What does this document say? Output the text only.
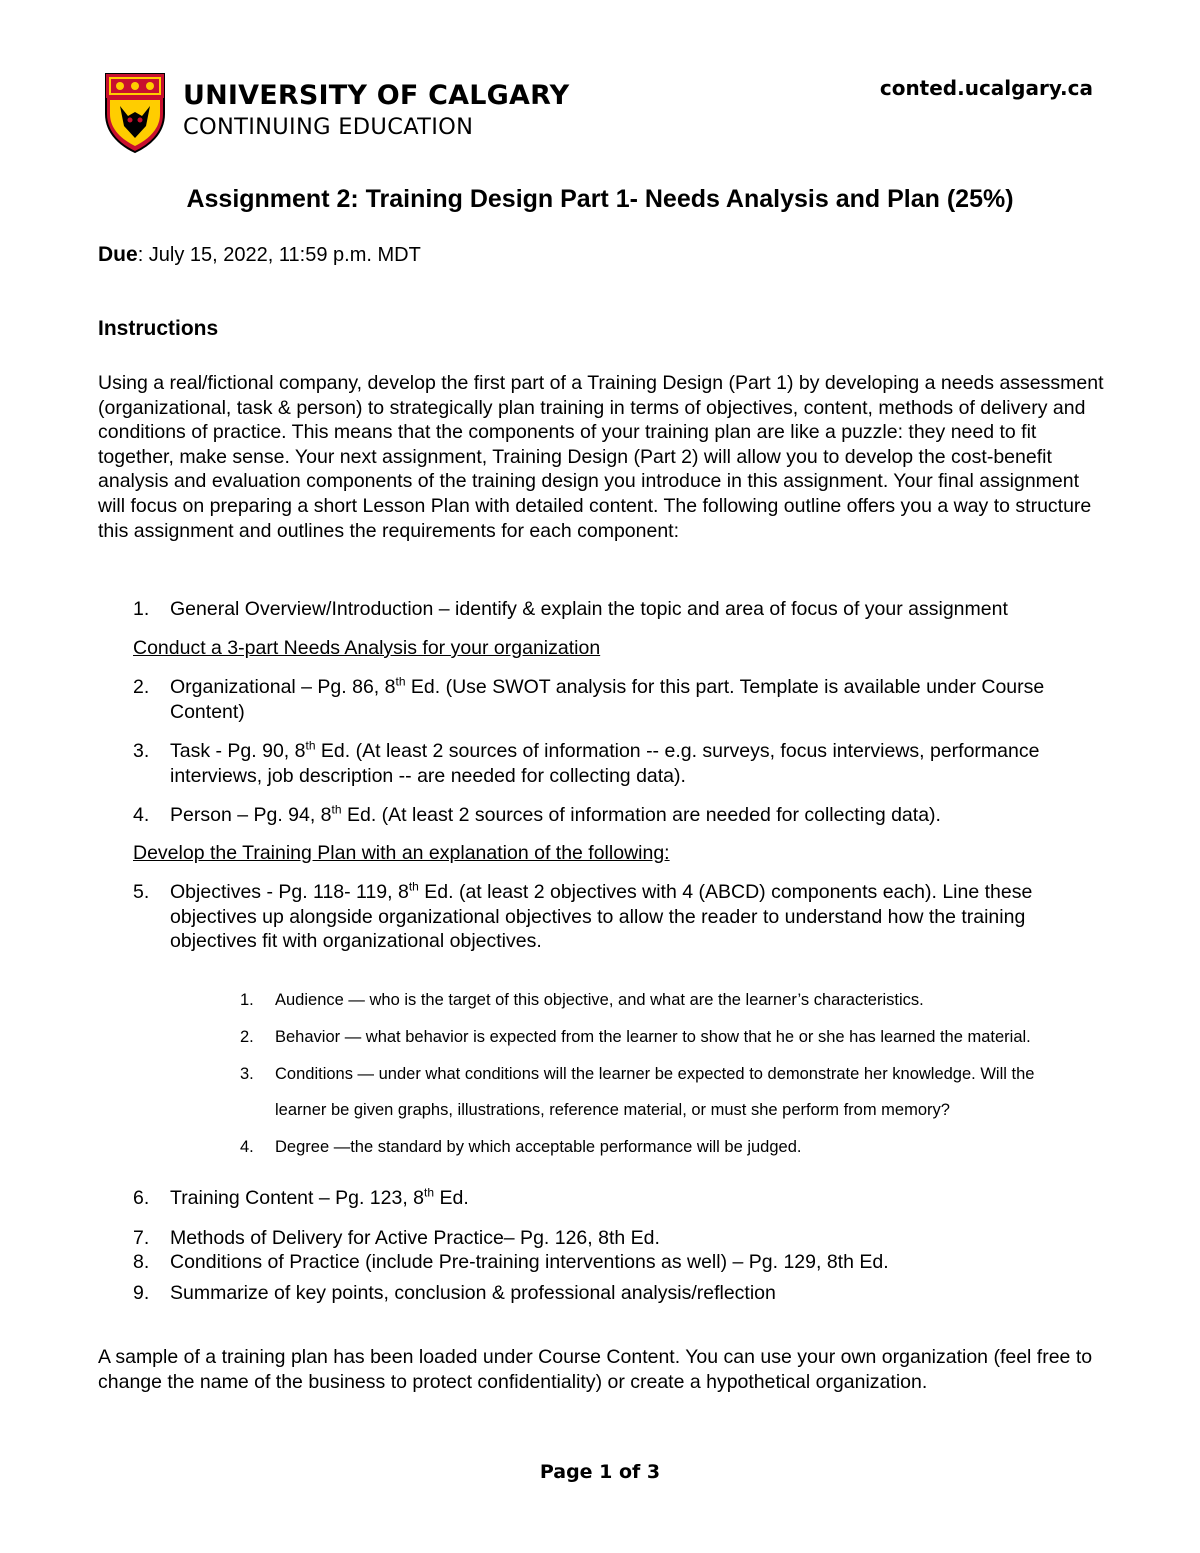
UNIVERSITY OF CALGARY
CONTINUING EDUCATION
conted.ucalgary.ca
Assignment 2: Training Design Part 1- Needs Analysis and Plan (25%)
Due: July 15, 2022, 11:59 p.m. MDT
Instructions
Using a real/fictional company, develop the first part of a Training Design (Part 1) by developing a needs assessment (organizational, task & person) to strategically plan training in terms of objectives, content, methods of delivery and conditions of practice. This means that the components of your training plan are like a puzzle: they need to fit together, make sense. Your next assignment, Training Design (Part 2) will allow you to develop the cost-benefit analysis and evaluation components of the training design you introduce in this assignment. Your final assignment will focus on preparing a short Lesson Plan with detailed content. The following outline offers you a way to structure this assignment and outlines the requirements for each component:
1. General Overview/Introduction – identify & explain the topic and area of focus of your assignment
Conduct a 3-part Needs Analysis for your organization
2. Organizational – Pg. 86, 8th Ed. (Use SWOT analysis for this part. Template is available under Course Content)
3. Task - Pg. 90, 8th Ed. (At least 2 sources of information -- e.g. surveys, focus interviews, performance interviews, job description -- are needed for collecting data).
4. Person – Pg. 94, 8th Ed. (At least 2 sources of information are needed for collecting data).
Develop the Training Plan with an explanation of the following:
5. Objectives - Pg. 118- 119, 8th Ed. (at least 2 objectives with 4 (ABCD) components each). Line these objectives up alongside organizational objectives to allow the reader to understand how the training objectives fit with organizational objectives.
1. Audience — who is the target of this objective, and what are the learner’s characteristics.
2. Behavior — what behavior is expected from the learner to show that he or she has learned the material.
3. Conditions — under what conditions will the learner be expected to demonstrate her knowledge. Will the
learner be given graphs, illustrations, reference material, or must she perform from memory?
4. Degree —the standard by which acceptable performance will be judged.
6. Training Content – Pg. 123, 8th Ed.
7. Methods of Delivery for Active Practice– Pg. 126, 8th Ed.
8. Conditions of Practice (include Pre-training interventions as well) – Pg. 129, 8th Ed.
9. Summarize of key points, conclusion & professional analysis/reflection
A sample of a training plan has been loaded under Course Content. You can use your own organization (feel free to change the name of the business to protect confidentiality) or create a hypothetical organization.
Page 1 of 3
